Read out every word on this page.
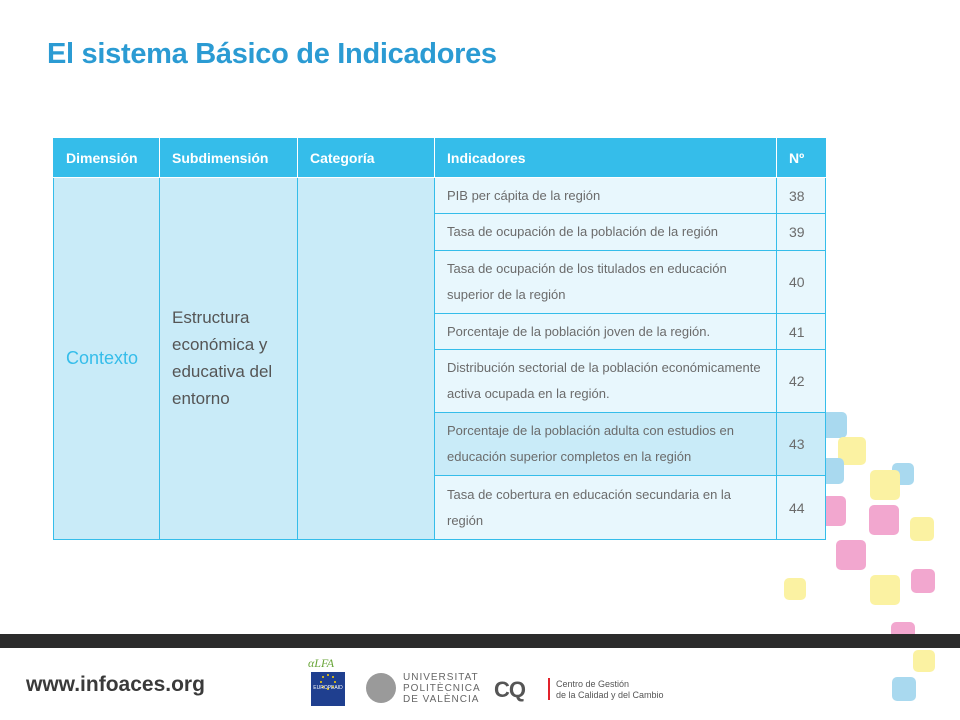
El sistema Básico de Indicadores
Dimensión	Subdimensión	Categoría	Indicadores	Nº
Contexto	Estructura económica y educativa del entorno		PIB per cápita de la región	38
			Tasa de ocupación de la población de la región	39
			Tasa de ocupación de los titulados en educación superior de la región	40
			Porcentaje de la población joven de la región.	41
			Distribución sectorial de la población económicamente activa ocupada en la región.	42
			Porcentaje de la población adulta con estudios en educación superior completos en la región	43
			Tasa de cobertura en educación secundaria en la región	44
www.infoaces.org
αLFA
EUROPEAID
UNIVERSITAT
POLITÈCNICA
DE VALÈNCIA CQ	Centro de Gestión
de la Calidad y del Cambio
